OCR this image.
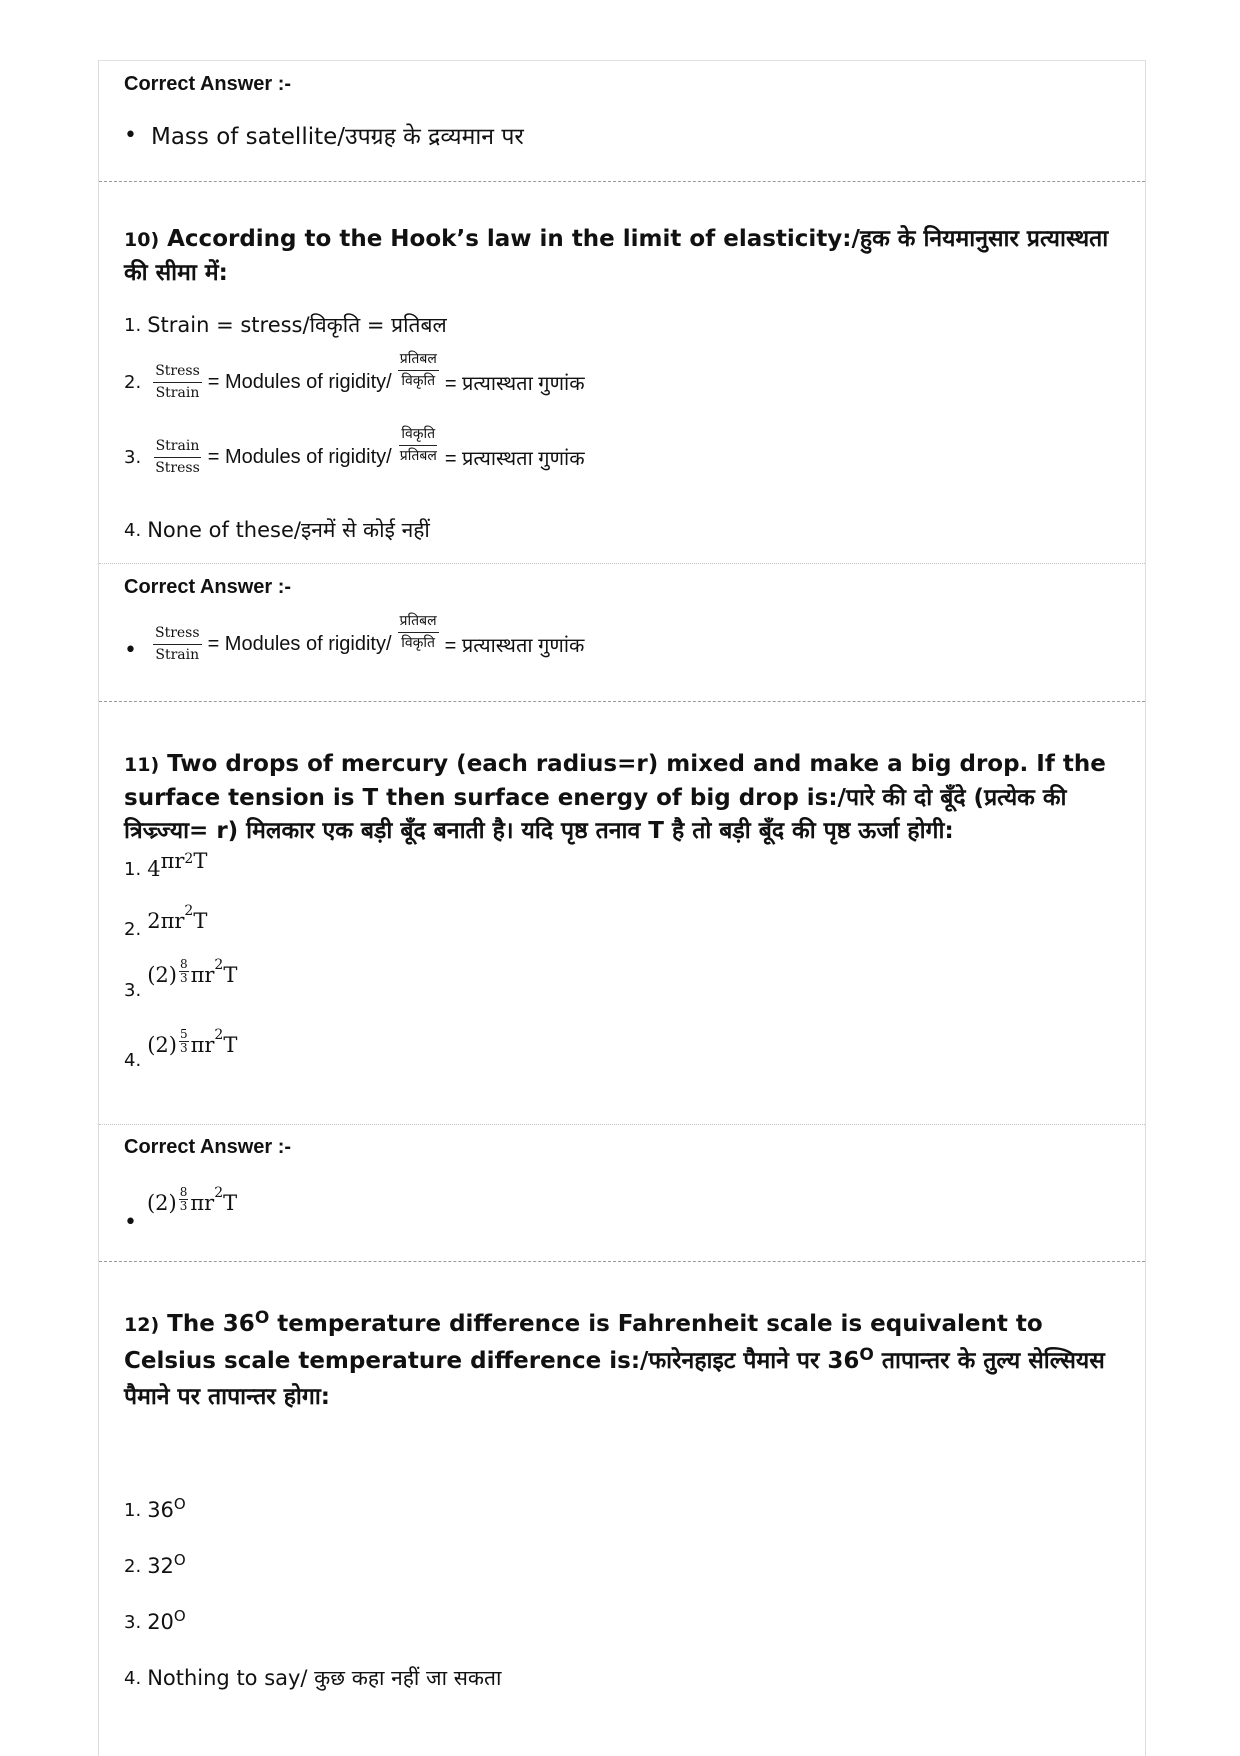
Correct Answer :-
• Mass of satellite/उपग्रह के द्रव्यमान पर
10) According to the Hook’s law in the limit of elasticity:/हुक के नियमानुसार प्रत्यास्थता की सीमा में:
1. Strain = stress/विकृति = प्रतिबल
2. $\frac{\text{Stress}}{\text{Strain}}$ = Modules of rigidity/ $\frac{\text{प्रतिबल}}{\text{विकृति}}$ = प्रत्यास्थता गुणांक
3. $\frac{\text{Strain}}{\text{Stress}}$ = Modules of rigidity/ $\frac{\text{विकृति}}{\text{प्रतिबल}}$ = प्रत्यास्थता गुणांक
4. None of these/इनमें से कोई नहीं
Correct Answer :-
• $\frac{\text{Stress}}{\text{Strain}}$ = Modules of rigidity/ $\frac{\text{प्रतिबल}}{\text{विकृति}}$ = प्रत्यास्थता गुणांक
11) Two drops of mercury (each radius=r) mixed and make a big drop. If the surface tension is T then surface energy of big drop is:/पारे की दो बूँदे (प्रत्येक की त्रिज्र्ज्या= r) मिलकार एक बड़ी बूँद बनाती है। यदि पृष्ठ तनाव T है तो बड़ी बूँद की पृष्ठ ऊर्जा होगी:
1. $4\pi r^2T$
2. $2\pi r^2T$
3.
$(2) \frac{8}{3} \pi r^2T$
4.
$(2) \frac{5}{3} \pi r^2T$
Correct Answer :-
•
$(2) \frac{8}{3} \pi r^2T$
12) The $36^O$ temperature difference is Fahrenheit scale is equivalent to Celsius scale temperature difference is:/फारेनहाइट पैमाने पर $36^O$ तापान्तर के तुल्य सेल्सियस पैमाने पर तापान्तर होगा:
1. $36^O$
2. $32^O$
3. $20^O$
4. Nothing to say/ कुछ कहा नहीं जा सकता
